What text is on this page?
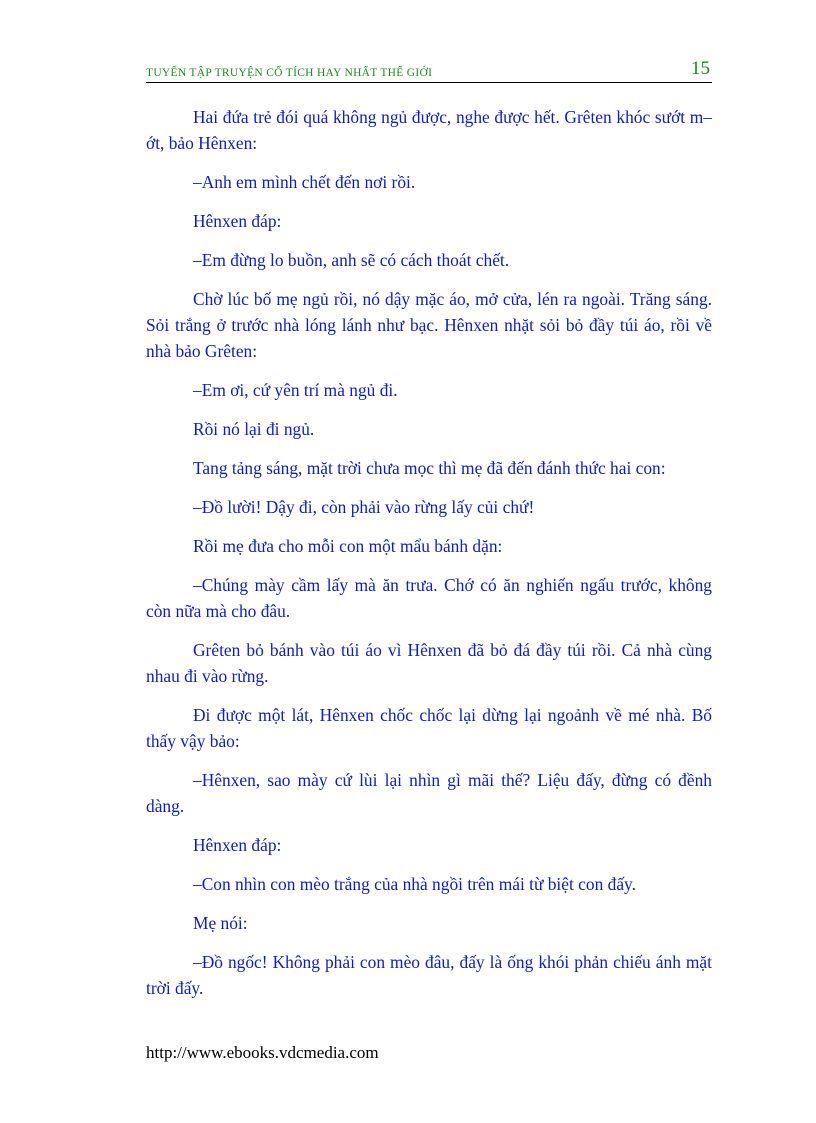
TUYỂN TẬP TRUYỆN CỔ TÍCH HAY NHẤT THẾ GIỚI	15

Hai đứa trẻ đói quá không ngủ được, nghe được hết. Grêten khóc sướt m–ớt, bảo Hênxen:

–Anh em mình chết đến nơi rồi.

Hênxen đáp:

–Em đừng lo buồn, anh sẽ có cách thoát chết.

Chờ lúc bố mẹ ngủ rồi, nó dậy mặc áo, mở cửa, lén ra ngoài. Trăng sáng. Sỏi trắng ở trước nhà lóng lánh như bạc. Hênxen nhặt sỏi bỏ đầy túi áo, rồi về nhà bảo Grêten:

–Em ơi, cứ yên trí mà ngủ đi.

Rồi nó lại đi ngủ.

Tang tảng sáng, mặt trời chưa mọc thì mẹ đã đến đánh thức hai con:

–Đồ lười! Dậy đi, còn phải vào rừng lấy củi chứ!

Rồi mẹ đưa cho mỗi con một mẩu bánh dặn:

–Chúng mày cầm lấy mà ăn trưa. Chớ có ăn nghiến ngấu trước, không còn nữa mà cho đâu.

Grêten bỏ bánh vào túi áo vì Hênxen đã bỏ đá đầy túi rồi. Cả nhà cùng nhau đi vào rừng.

Đi được một lát, Hênxen chốc chốc lại dừng lại ngoảnh về mé nhà. Bố thấy vậy bảo:

–Hênxen, sao mày cứ lùi lại nhìn gì mãi thế? Liệu đấy, đừng có đềnh dàng.

Hênxen đáp:

–Con nhìn con mèo trắng của nhà ngồi trên mái từ biệt con đấy.

Mẹ nói:

–Đồ ngốc! Không phải con mèo đâu, đấy là ống khói phản chiếu ánh mặt trời đấy.

http://www.ebooks.vdcmedia.com
